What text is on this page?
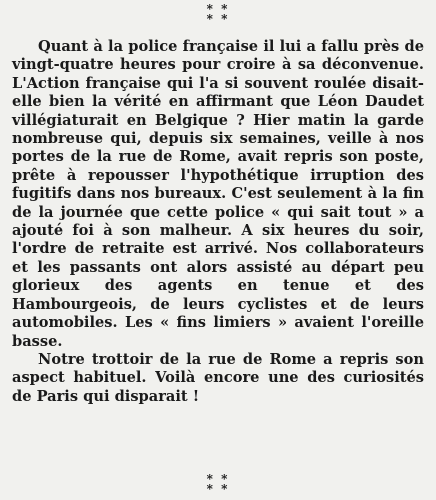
* *
* *

Quant à la police française il lui a fallu près de vingt-quatre heures pour croire à sa déconvenue. L'Action française qui l'a si souvent roulée disait-elle bien la vérité en affirmant que Léon Daudet villégiaturait en Belgique ? Hier matin la garde nombreuse qui, depuis six semaines, veille à nos portes de la rue de Rome, avait repris son poste, prête à repousser l'hypothétique irruption des fugitifs dans nos bureaux. C'est seulement à la fin de la journée que cette police « qui sait tout » a ajouté foi à son malheur. A six heures du soir, l'ordre de retraite est arrivé. Nos collaborateurs et les passants ont alors assisté au départ peu glorieux des agents en tenue et des Hambourgeois, de leurs cyclistes et de leurs automobiles. Les « fins limiers » avaient l'oreille basse.

Notre trottoir de la rue de Rome a repris son aspect habituel. Voilà encore une des curiosités de Paris qui disparait !

* *
* *
